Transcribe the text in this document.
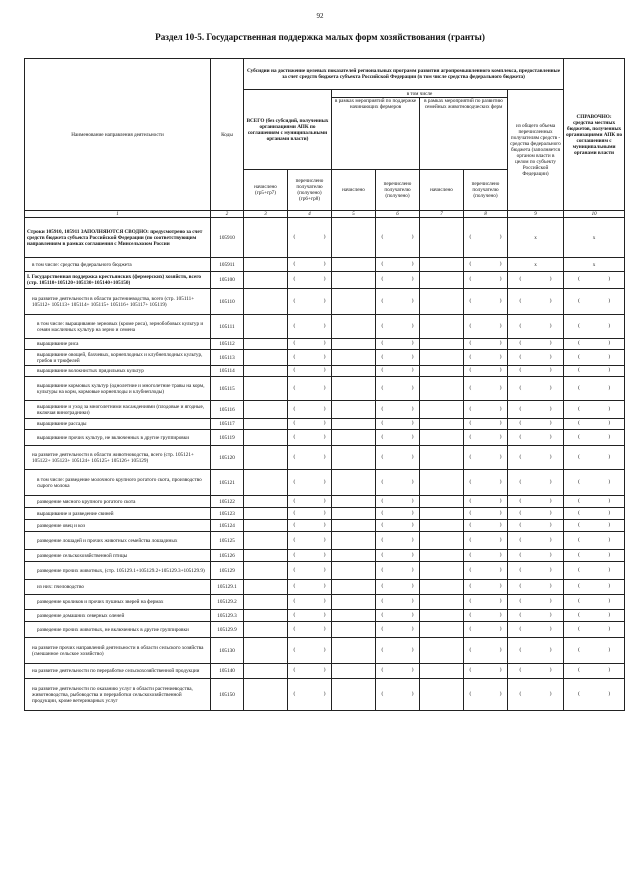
92
Раздел 10-5. Государственная поддержка малых форм хозяйствования (гранты)
Наименование направления деятельности	Коды	Субсидии на достижение целевых показателей региональных программ развития агропромышленного комплекса, предоставленные за счет средств бюджета субъекта Российской Федерации (в том числе средства федерального бюджета)							СПРАВОЧНО: средства местных бюджетов, полученных организациями АПК по соглашениям с муниципальными органами власти
		ВСЕГО (без субсидий, полученных организациями АПК по соглашениям с муниципальными органами власти)		в том числе				из общего объема перечисленных получателям средств - средства федерального бюджета (заполняется органом власти в целом по субъекту Российской Федерации)	
				в рамках мероприятий по поддержке начинающих фермеров		в рамках мероприятий по развитию семейных животноводческих ферм			
		начислено (гр5+гр7)	перечислено получателю (получено) (гр6+гр8)	начислено	перечислено получателю (получено)	начислено	перечислено получателю (получено)		
1	2	3	4	5	6	7	8	9	10
Строки 105910, 105911 ЗАПОЛНЯЮТСЯ СВОДНО: предусмотрено за счет средств бюджета субъекта Российской Федерации (по соответствующим направлениям в рамках соглашения с Минсельхозом России	105910		( )		( )		( )	x	x
в том числе: средства федерального бюджета	105911		( )		( )		( )	x	x
I. Государственная поддержка крестьянских (фермерских) хозяйств, всего (стр. 105110+105120+105130+105140+105150)	105100		( )		( )		( )	( )	( )

на развитие деятельности в области растениеводства, всего (стр. 105111+ 105112+ 105113+ 105114+ 105115+ 105116+ 105117+ 105119)	105110		( )		( )		( )	( )	( )

в том числе: выращивание зерновых (кроме риса), зернобобовых культур и семян масличных культур на зерно и семена	105111		( )		( )		( )	( )	( )

выращивание риса	105112		( )		( )		( )	( )	( )

выращивание овощей, бахчевых, корнеплодных и клубнеплодных культур, грибов и трюфелей	105113		( )		( )		( )	( )	( )

выращивание волокнистых прядильных культур	105114		( )		( )		( )	( )	( )

выращивание кормовых культур (однолетние и многолетние травы на корм, культуры на корм, кормовые корнеплоды и клубнеплоды)	105115		( )		( )		( )	( )	( )

выращивание и уход за многолетними насаждениями (плодовые и ягодные, включая виноградники)	105116		( )		( )		( )	( )	( )

выращивание рассады	105117		( )		( )		( )	( )	( )

выращивание прочих культур, не включенных в другие группировки	105119		( )		( )		( )	( )	( )

на развитие деятельности в области животноводства, всего (стр. 105121+ 105122+ 105123+ 105124+ 105125+ 105126+ 105129)	105120		( )		( )		( )	( )	( )

в том числе: разведение молочного крупного рогатого скота, производство сырого молока	105121		( )		( )		( )	( )	( )

разведение мясного крупного рогатого скота	105122		( )		( )		( )	( )	( )

выращивание и разведение свиней	105123		( )		( )		( )	( )	( )

разведение овец и коз	105124		( )		( )		( )	( )	( )

разведение лошадей и прочих животных семейства лошадиных	105125		( )		( )		( )	( )	( )

разведение сельскохозяйственной птицы	105126		( )		( )		( )	( )	( )

разведение прочих животных, (стр. 105129.1+105129.2+105129.3+105129.9)	105129		( )		( )		( )	( )	( )

из них: пчеловодство	105129.1		( )		( )		( )	( )	( )

разведение кроликов и прочих пушных зверей на фермах	105129.2		( )		( )		( )	( )	( )

разведение домашних северных оленей	105129.3		( )		( )		( )	( )	( )

разведение прочих животных, не включенных в другие группировки	105129.9		( )		( )		( )	( )	( )

на развитие прочих направлений деятельности в области сельского хозяйства (смешанное сельское хозяйство)	105130		( )		( )		( )	( )	( )

на развитие деятельности по переработке сельскохозяйственной продукции	105140		( )		( )		( )	( )	( )

на развитие деятельности по оказанию услуг в области растениеводства, животноводства, рыбоводства и переработки сельскохозяйственной продукции, кроме ветеринарных услуг	105150		( )		( )		( )	( )	( )
